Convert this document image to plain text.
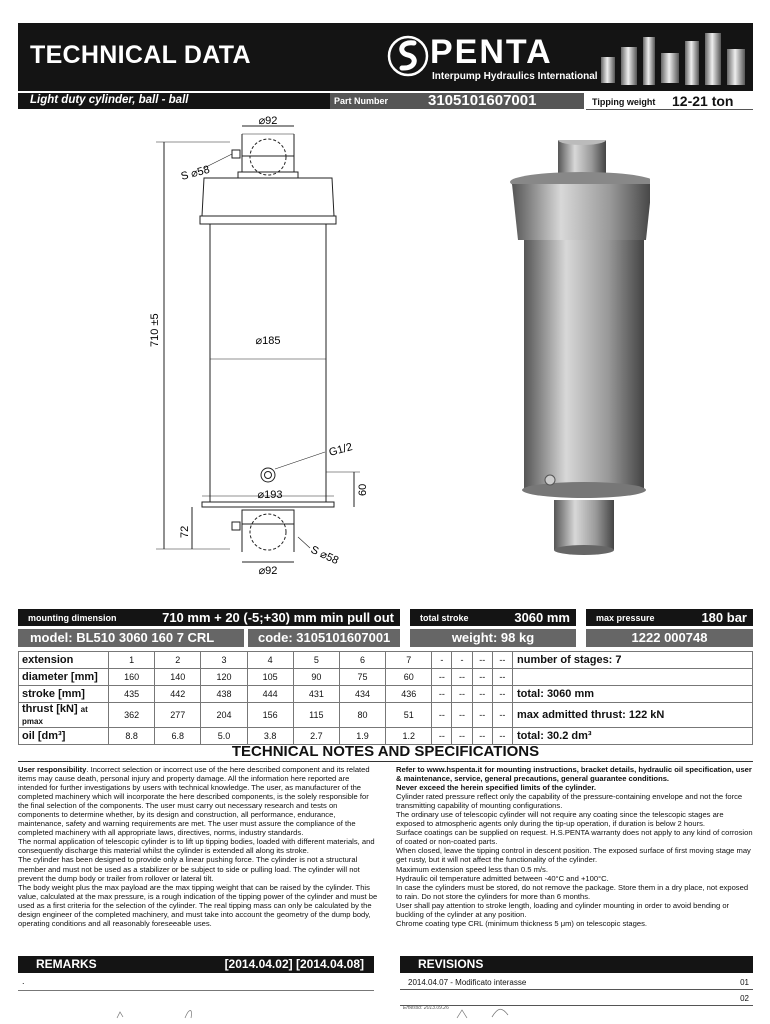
TECHNICAL DATA	PENTA
Interpump Hydraulics International
Light duty cylinder, ball - ball	Part Number	3105101607001	Tipping weight	12-21 ton
⌀92
S ⌀58
710 ±5	⌀185
G1/2
⌀193	60
72
S ⌀58
⌀92
mounting dimension	710 mm + 20 (-5;+30) mm min pull out	total stroke	3060 mm	max pressure	180 bar
model: BL510 3060 160 7 CRL	code: 3105101607001	weight: 98 kg	1222 000748
extension	1	2	3	4	5	6	7	-	-	--	--	number of stages: 7
diameter [mm]	160	140	120	105	90	75	60	--	--	--	--	
stroke [mm]	435	442	438	444	431	434	436	--	--	--	--	total: 3060 mm
thrust [kN] at pmax	362	277	204	156	115	80	51	--	--	--	--	max admitted thrust: 122 kN
oil [dm³]	8.8	6.8	5.0	3.8	2.7	1.9	1.2	--	--	--	--	total: 30.2 dm³
TECHNICAL NOTES AND SPECIFICATIONS

User responsibility. Incorrect selection or incorrect use of the here described component and its related items may cause death, personal injury and property damage. All the information here reported are intended for further investigations by users with technical knowledge. The user, as manufacturer of the completed machinery which will incorporate the here described components, is the solely responsible for the final selection of the components. The user must carry out necessary research and tests on components to determine whether, by its design and construction, all performance, endurance, maintenance, safety and warning requirements are met. The user must assure the compliance of the completed machinery with all appropriate laws, directives, norms, industry standards.

The normal application of telescopic cylinder is to lift up tipping bodies, loaded with different materials, and consequently discharge this material whilst the cylinder is extended all along its stroke.

The cylinder has been designed to provide only a linear pushing force. The cylinder is not a structural member and must not be used as a stabilizer or be subject to side or pulling load. The cylinder will not prevent the dump body or trailer from rollover or lateral tilt.

The body weight plus the max payload are the max tipping weight that can be raised by the cylinder. This value, calculated at the max pressure, is a rough indication of the tipping power of the cylinder and must be used as a first criteria for the selection of the cylinder. The real tipping mass can only be calculated by the design engineer of the completed machinery, and must take into account the geometry of the dump body, operating conditions and all reasonably foreseeable uses.

Refer to www.hspenta.it for mounting instructions, bracket details, hydraulic oil specification, user & maintenance, service, general precautions, general guarantee conditions.

Never exceed the herein specified limits of the cylinder.

Cylinder rated pressure reflect only the capability of the pressure-containing envelope and not the force transmitting capability of mounting configurations.

The ordinary use of telescopic cylinder will not require any coating since the telescopic stages are exposed to atmospheric agents only during the tip-up operation, if duration is below 2 hours.

Surface coatings can be supplied on request. H.S.PENTA warranty does not apply to any kind of corrosion of coated or non-coated parts.

When closed, leave the tipping control in descent position. The exposed surface of first moving stage may get rusty, but it will not affect the functionality of the cylinder.

Maximum extension speed less than 0.5 m/s.

Hydraulic oil temperature admitted between -40°C and +100°C.

In case the cylinders must be stored, do not remove the package. Store them in a dry place, not exposed to rain. Do not store the cylinders for more than 6 months.

User shall pay attention to stroke length, loading and cylinder mounting in order to avoid bending or buckling of the cylinder at any position.

Chrome coating type CRL (minimum thickness 5 μm) on telescopic stages.

REMARKS	[2014.04.02] [2014.04.08]
.
REVISIONS
2014.04.07 - Modificato interasse	01
02
Emesso: 2013.09.26
